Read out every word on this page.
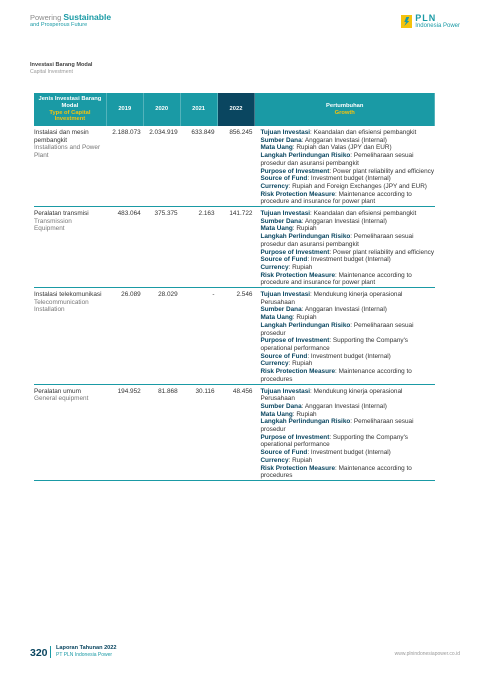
Powering Sustainable
and Prosperous Future
PLN
Indonesia Power
Investasi Barang Modal
Capital Investment
Jenis Investasi Barang Modal
Type of Capital Investment
2019	2020	2021	2022
Pertumbuhan
Growth
Instalasi dan mesin pembangkit
Installations and Power Plant
2.188.073	2.034.919	633.849	856.245	Tujuan Investasi: Keandalan dan efisiensi pembangkit
Sumber Dana: Anggaran Investasi (Internal)
Mata Uang: Rupiah dan Valas (JPY dan EUR)
Langkah Perlindungan Risiko: Pemeliharaan sesuai prosedur dan asuransi pembangkit
Purpose of Investment: Power plant reliability and efficiency
Source of Fund: Investment budget (Internal)
Currency: Rupiah and Foreign Exchanges (JPY and EUR)
Risk Protection Measure: Maintenance according to procedure and insurance for power plant
Peralatan transmisi
Transmission Equipment
483.064	375.375	2.163	141.722	Tujuan Investasi: Keandalan dan efisiensi pembangkit
Sumber Dana: Anggaran Investasi (Internal)
Mata Uang: Rupiah
Langkah Perlindungan Risiko: Pemeliharaan sesuai prosedur dan asuransi pembangkit
Purpose of Investment: Power plant reliability and efficiency
Source of Fund: Investment budget (Internal)
Currency: Rupiah
Risk Protection Measure: Maintenance according to procedure and insurance for power plant
Instalasi telekomunikasi
Telecommunication Installation
26.089	28.029	-	2.546	Tujuan Investasi: Mendukung kinerja operasional Perusahaan
Sumber Dana: Anggaran Investasi (Internal)
Mata Uang: Rupiah
Langkah Perlindungan Risiko: Pemeliharaan sesuai prosedur
Purpose of Investment: Supporting the Company's operational performance
Source of Fund: Investment budget (Internal)
Currency: Rupiah
Risk Protection Measure: Maintenance according to procedures
Peralatan umum
General equipment
194.952	81.868	30.116	48.456	Tujuan Investasi: Mendukung kinerja operasional Perusahaan
Sumber Dana: Anggaran Investasi (Internal)
Mata Uang: Rupiah
Langkah Perlindungan Risiko: Pemeliharaan sesuai prosedur
Purpose of Investment: Supporting the Company's operational performance
Source of Fund: Investment budget (Internal)
Currency: Rupiah
Risk Protection Measure: Maintenance according to procedures
320 Laporan Tahunan 2022
PT PLN Indonesia Power	www.plnindonesiapower.co.id
